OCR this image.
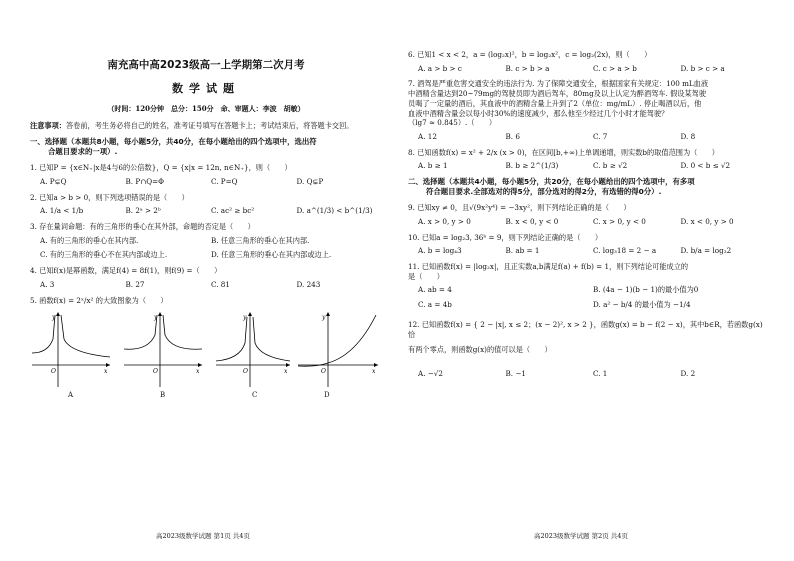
南充高中高2023级高一上学期第二次月考
数学试题
（时间：120分钟　总分：150分　命、审题人：李波　胡敏）
注意事项：答卷前，考生务必将自己的姓名，准考证号填写在答题卡上；考试结束后，将答题卡交回。
一、选择题（本题共8小题，每小题5分，共40分，在每小题给出的四个选项中，选出符
合题目要求的一项）.
1. 已知P = {x∈N₊|x是4与6的公倍数}，Q = {x|x = 12n, n∈N₊}，则（　　）
A. P⊊Q	B. P∩Q=Φ	C. P=Q	D. Q⊊P
2. 已知a > b > 0，则下列选项错误的是（　　）
A. 1/a < 1/b	B. 2ᵃ > 2ᵇ	C. ac² ≥ bc²	D. a^(1/3) < b^(1/3)
3. 存在量词命题：有的三角形的垂心在其外部，命题的否定是（　　）
A. 有的三角形的垂心在其内部.	B. 任意三角形的垂心在其内部.
C. 有的三角形的垂心不在其内部或边上.	D. 任意三角形的垂心在其内部或边上.
4. 已知f(x)是幂函数，满足f(4) = 8f(1)，则f(9) =（　　）
A. 3	B. 27	C. 81	D. 243
5. 函数f(x) = 2ˣ/x² 的大致图象为（　　）
y
O	x
y
O	x
y
O	x
y
O	x
A	B	C	D
高2023级数学试题 第1页 共4页
6. 已知1 < x < 2，a = (log₂x)²，b = log₂x²，c = log₂(2x)，则（　　）
A. a > b > c	B. c > b > a	C. c > a > b	D. b > c > a
7. 酒驾是严重危害交通安全的违法行为. 为了保障交通安全，根据国家有关规定：100 mL血液
中酒精含量达到20~79mg的驾驶员即为酒后驾车，80mg及以上认定为醉酒驾车. 假设某驾驶
员喝了一定量的酒后，其血液中的酒精含量上升到了2（单位：mg/mL）. 停止喝酒以后，他
血液中酒精含量会以每小时30%的速度减少，那么他至少经过几个小时才能驾驶？
（lg7 ≈ 0.845）.（　　）
A. 12	B. 6	C. 7	D. 8
8. 已知函数f(x) = x² + 2/x (x > 0)，在区间[b,+∞)上单调递增，则实数b的取值范围为（　　）
A. b ≥ 1	B. b ≥ 2^(1/3)	C. b ≥ √2	D. 0 < b ≤ √2
二、选择题（本题共4小题，每小题5分，共20分，在每小题给出的四个选项中，有多项
符合题目要求.全部选对的得5分，部分选对的得2分，有选错的得0分）.
9. 已知xy ≠ 0，且√(9x²y⁴) = −3xy²，则下列结论正确的是（　　）
A. x > 0, y > 0	B. x < 0, y < 0	C. x > 0, y < 0	D. x < 0, y > 0
10. 已知a = log₂3, 36ᵇ = 9，则下列结论正确的是（　　）
A. b = log₄3	B. ab = 1	C. log₃18 = 2 − a	D. b/a = log₃2
11. 已知函数f(x) = |log₂x|，且正实数a,b满足f(a) + f(b) = 1，则下列结论可能成立的
是（　　）
A. ab = 4	B. (4a − 1)(b − 1)的最小值为0
C. a = 4b	D. a² − b/4 的最小值为 −1/4
12. 已知函数f(x) = { 2 − |x|, x ≤ 2；(x − 2)², x > 2 }，函数g(x) = b − f(2 − x)，其中b∈R，若函数g(x)恰
有两个零点，则函数g(x)的值可以是（　　）
A. −√2	B. −1	C. 1	D. 2
高2023级数学试题 第2页 共4页
